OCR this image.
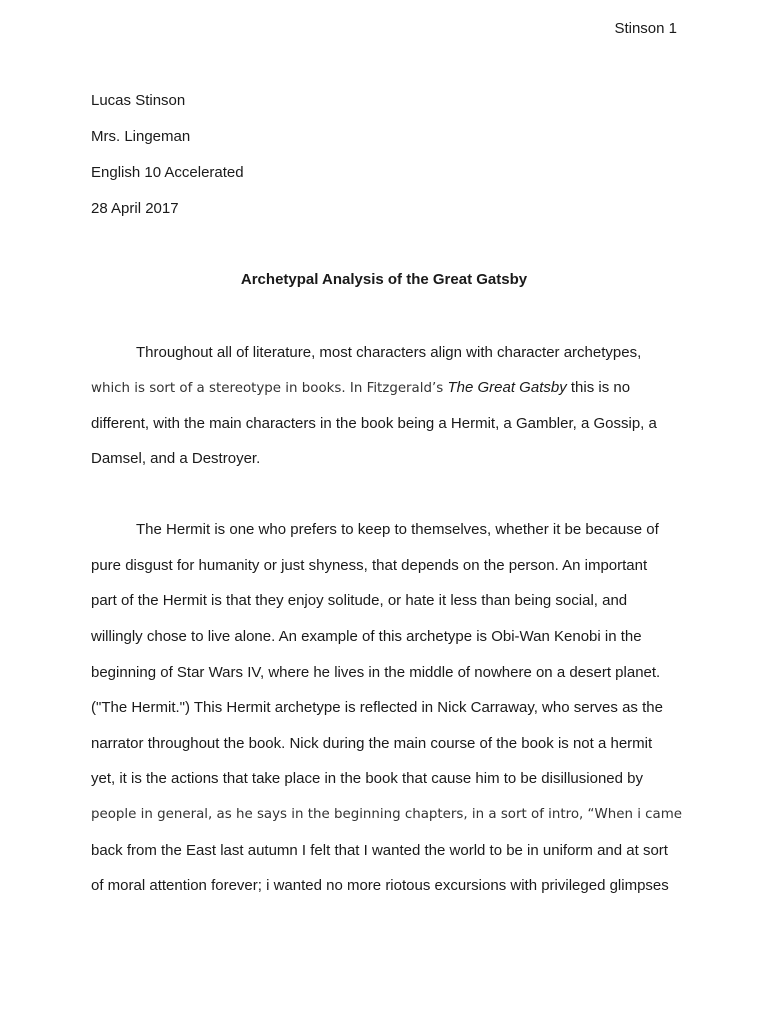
Stinson 1
Lucas Stinson
Mrs. Lingeman
English 10 Accelerated
28 April 2017
Archetypal Analysis of the Great Gatsby
Throughout all of literature, most characters align with character archetypes,
which is sort of a stereotype in books. In Fitzgerald’s The Great Gatsby this is no
different, with the main characters in the book being a Hermit, a Gambler, a Gossip, a
Damsel, and a Destroyer.
The Hermit is one who prefers to keep to themselves, whether it be because of
pure disgust for humanity or just shyness, that depends on the person. An important
part of the Hermit is that they enjoy solitude, or hate it less than being social, and
willingly chose to live alone. An example of this archetype is Obi-Wan Kenobi in the
beginning of Star Wars IV, where he lives in the middle of nowhere on a desert planet.
("The Hermit.") This Hermit archetype is reflected in Nick Carraway, who serves as the
narrator throughout the book. Nick during the main course of the book is not a hermit
yet, it is the actions that take place in the book that cause him to be disillusioned by
people in general, as he says in the beginning chapters, in a sort of intro, “When i came
back from the East last autumn I felt that I wanted the world to be in uniform and at sort
of moral attention forever; i wanted no more riotous excursions with privileged glimpses
